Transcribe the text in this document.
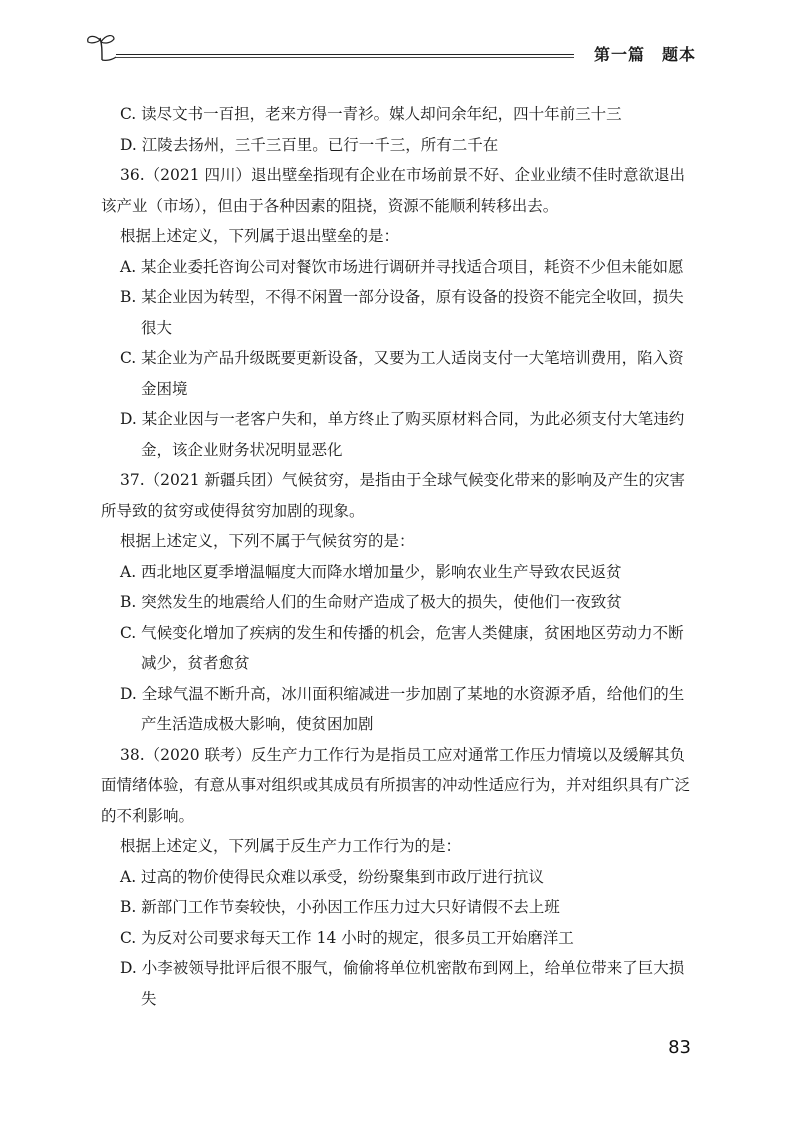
第一篇　题本

C. 读尽文书一百担，老来方得一青衫。媒人却问余年纪，四十年前三十三

D. 江陵去扬州，三千三百里。已行一千三，所有二千在

36.（2021 四川）退出壁垒指现有企业在市场前景不好、企业业绩不佳时意欲退出该产业（市场），但由于各种因素的阻挠，资源不能顺利转移出去。

根据上述定义，下列属于退出壁垒的是：

A. 某企业委托咨询公司对餐饮市场进行调研并寻找适合项目，耗资不少但未能如愿

B. 某企业因为转型，不得不闲置一部分设备，原有设备的投资不能完全收回，损失很大

C. 某企业为产品升级既要更新设备，又要为工人适岗支付一大笔培训费用，陷入资金困境

D. 某企业因与一老客户失和，单方终止了购买原材料合同，为此必须支付大笔违约金，该企业财务状况明显恶化

37.（2021 新疆兵团）气候贫穷，是指由于全球气候变化带来的影响及产生的灾害所导致的贫穷或使得贫穷加剧的现象。

根据上述定义，下列不属于气候贫穷的是：

A. 西北地区夏季增温幅度大而降水增加量少，影响农业生产导致农民返贫

B. 突然发生的地震给人们的生命财产造成了极大的损失，使他们一夜致贫

C. 气候变化增加了疾病的发生和传播的机会，危害人类健康，贫困地区劳动力不断减少，贫者愈贫

D. 全球气温不断升高，冰川面积缩减进一步加剧了某地的水资源矛盾，给他们的生产生活造成极大影响，使贫困加剧

38.（2020 联考）反生产力工作行为是指员工应对通常工作压力情境以及缓解其负面情绪体验，有意从事对组织或其成员有所损害的冲动性适应行为，并对组织具有广泛的不利影响。

根据上述定义，下列属于反生产力工作行为的是：

A. 过高的物价使得民众难以承受，纷纷聚集到市政厅进行抗议

B. 新部门工作节奏较快，小孙因工作压力过大只好请假不去上班

C. 为反对公司要求每天工作 14 小时的规定，很多员工开始磨洋工

D. 小李被领导批评后很不服气，偷偷将单位机密散布到网上，给单位带来了巨大损失

83
